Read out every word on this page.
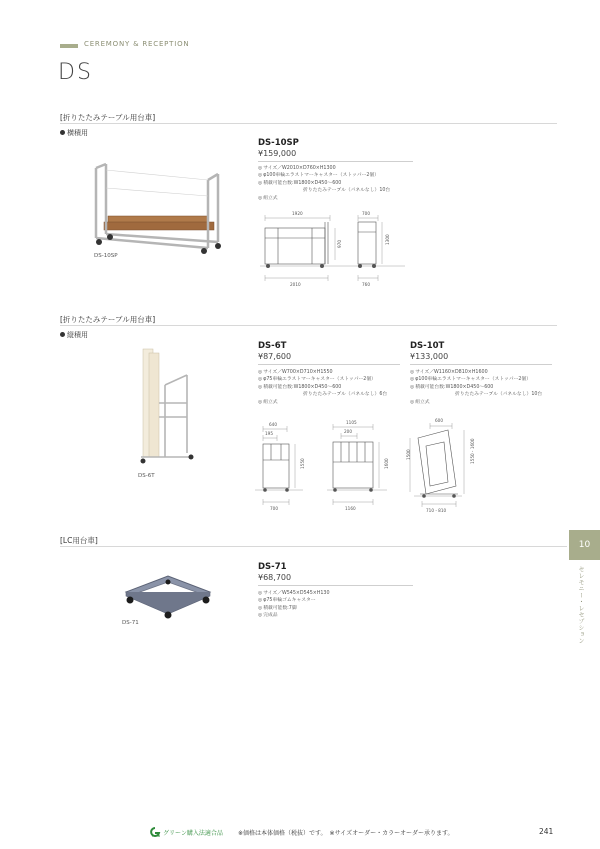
CEREMONY & RECEPTION
DS
[折りたたみテーブル用台車]
横積用
DS-10SP
DS-10SP
¥159,000
◎ サイズ／W2010×D760×H1300
◎ φ100車輪エラストマーキャスター（ストッパー2個）
◎ 積載可能台数:W1800×D450～600
折りたたみテーブル（パネルなし）10台
◎ 組立式
1920	700
970	1300
2010	760
[折りたたみテーブル用台車]
縦積用
DS-6T
DS-6T
¥87,600
◎ サイズ／W700×D710×H1550
◎ φ75車輪エラストマーキャスター（ストッパー2個）
◎ 積載可能台数:W1800×D450～600
折りたたみテーブル（パネルなし）6台
◎ 組立式
DS-10T
¥133,000
◎ サイズ／W1160×D810×H1600
◎ φ100車輪エラストマーキャスター（ストッパー2個）
◎ 積載可能台数:W1800×D450～600
折りたたみテーブル（パネルなし）10台
◎ 組立式
640
195
1550
700
1105
200
1600
1160
600
1500	1550・1600
710・810
[LC用台車]
DS-71
DS-71
¥68,700
◎ サイズ／W545×D545×H130
◎ φ75車輪ゴムキャスター
◎ 積載可能数:7脚
◎ 完成品
10
セレモニー・レセプション
グリーン購入法適合品	※価格は本体価格（税抜）です。　※サイズオーダー・カラーオーダー承ります。	241
